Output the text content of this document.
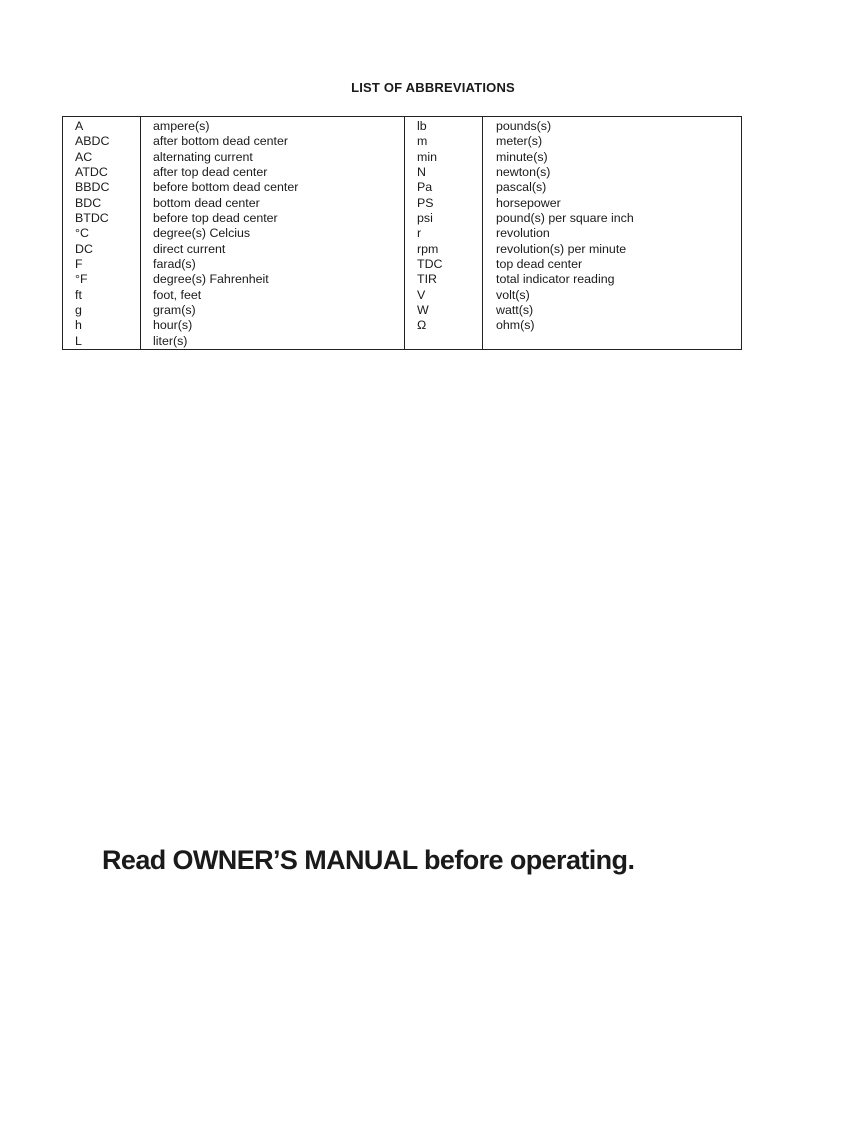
LIST OF ABBREVIATIONS
A
ABDC
AC
ATDC
BBDC
BDC
BTDC
°C
DC
F
°F
ft
g
h
L
ampere(s)
after bottom dead center
alternating current
after top dead center
before bottom dead center
bottom dead center
before top dead center
degree(s) Celcius
direct current
farad(s)
degree(s) Fahrenheit
foot, feet
gram(s)
hour(s)
liter(s)
lb
m
min
N
Pa
PS
psi
r
rpm
TDC
TIR
V
W
Ω
pounds(s)
meter(s)
minute(s)
newton(s)
pascal(s)
horsepower
pound(s) per square inch
revolution
revolution(s) per minute
top dead center
total indicator reading
volt(s)
watt(s)
ohm(s)
Read OWNER’S MANUAL before operating.
